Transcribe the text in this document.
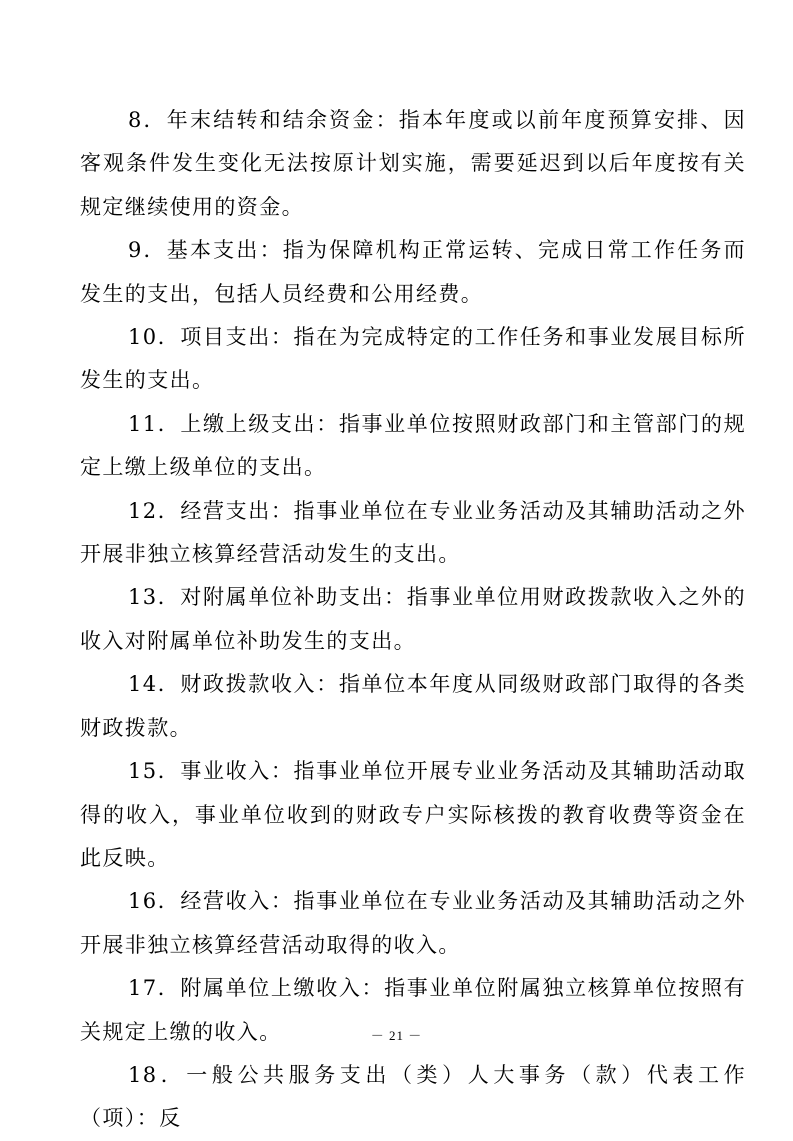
8．年末结转和结余资金：指本年度或以前年度预算安排、因客观条件发生变化无法按原计划实施，需要延迟到以后年度按有关规定继续使用的资金。

9．基本支出：指为保障机构正常运转、完成日常工作任务而发生的支出，包括人员经费和公用经费。

10．项目支出：指在为完成特定的工作任务和事业发展目标所发生的支出。

11．上缴上级支出：指事业单位按照财政部门和主管部门的规定上缴上级单位的支出。

12．经营支出：指事业单位在专业业务活动及其辅助活动之外开展非独立核算经营活动发生的支出。

13．对附属单位补助支出：指事业单位用财政拨款收入之外的收入对附属单位补助发生的支出。

14．财政拨款收入：指单位本年度从同级财政部门取得的各类财政拨款。

15．事业收入：指事业单位开展专业业务活动及其辅助活动取得的收入，事业单位收到的财政专户实际核拨的教育收费等资金在此反映。

16．经营收入：指事业单位在专业业务活动及其辅助活动之外开展非独立核算经营活动取得的收入。

17．附属单位上缴收入：指事业单位附属独立核算单位按照有关规定上缴的收入。

18．一般公共服务支出（类）人大事务（款）代表工作（项）：反

－ 21 －
